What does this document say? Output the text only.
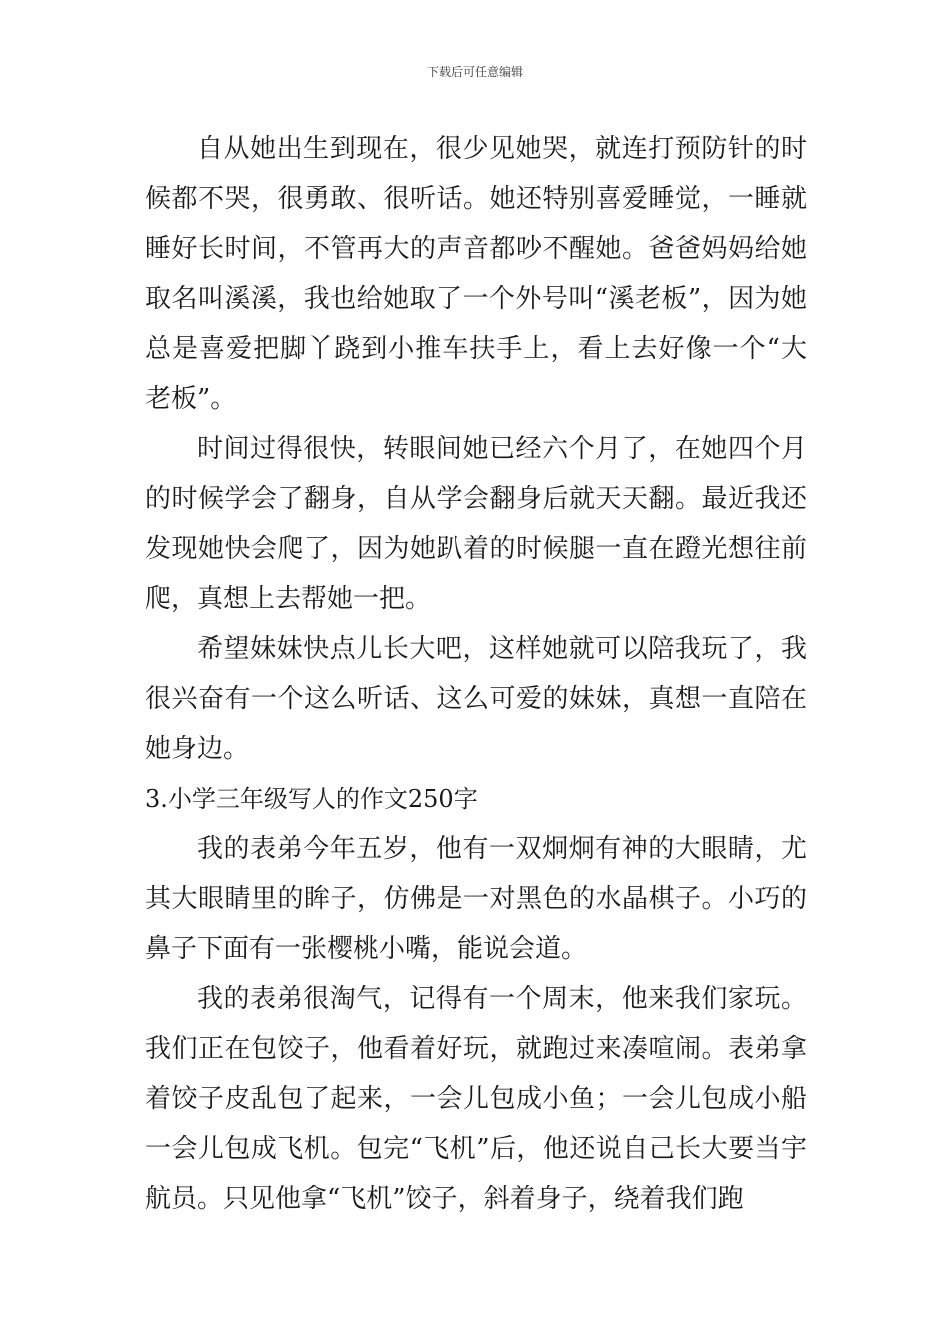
下载后可任意编辑

自从她出生到现在，很少见她哭，就连打预防针的时候都不哭，很勇敢、很听话。她还特别喜爱睡觉，一睡就睡好长时间，不管再大的声音都吵不醒她。爸爸妈妈给她取名叫溪溪，我也给她取了一个外号叫“溪老板”，因为她总是喜爱把脚丫跷到小推车扶手上，看上去好像一个“大老板”。

时间过得很快，转眼间她已经六个月了，在她四个月的时候学会了翻身，自从学会翻身后就天天翻。最近我还发现她快会爬了，因为她趴着的时候腿一直在蹬光想往前爬，真想上去帮她一把。

希望妹妹快点儿长大吧，这样她就可以陪我玩了，我很兴奋有一个这么听话、这么可爱的妹妹，真想一直陪在她身边。

3.小学三年级写人的作文250字

我的表弟今年五岁，他有一双炯炯有神的大眼睛，尤其大眼睛里的眸子，仿佛是一对黑色的水晶棋子。小巧的鼻子下面有一张樱桃小嘴，能说会道。

我的表弟很淘气，记得有一个周末，他来我们家玩。我们正在包饺子，他看着好玩，就跑过来凑喧闹。表弟拿着饺子皮乱包了起来，一会儿包成小鱼；一会儿包成小船一会儿包成飞机。包完“飞机”后，他还说自己长大要当宇航员。只见他拿“飞机”饺子，斜着身子，绕着我们跑
